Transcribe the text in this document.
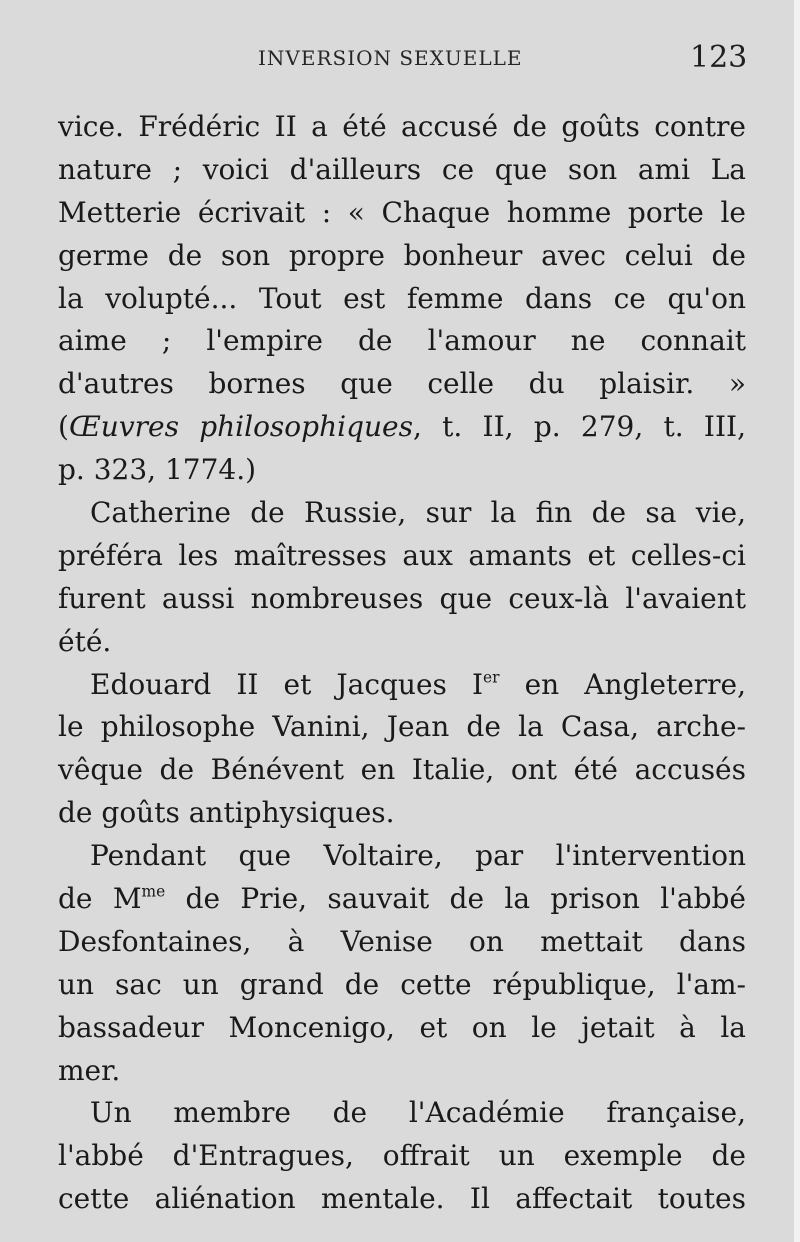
INVERSION SEXUELLE	123
vice. Frédéric II a été accusé de goûts contre
nature ; voici d'ailleurs ce que son ami La
Metterie écrivait : « Chaque homme porte le
germe de son propre bonheur avec celui de
la volupté... Tout est femme dans ce qu'on
aime ; l'empire de l'amour ne connait
d'autres bornes que celle du plaisir. »
(Œuvres philosophiques, t. II, p. 279, t. III,
p. 323, 1774.)
Catherine de Russie, sur la fin de sa vie,
préféra les maîtresses aux amants et celles-ci
furent aussi nombreuses que ceux-là l'avaient
été.
Edouard II et Jacques Ier en Angleterre,
le philosophe Vanini, Jean de la Casa, arche-
vêque de Bénévent en Italie, ont été accusés
de goûts antiphysiques.
Pendant que Voltaire, par l'intervention
de $M^{me}$ de Prie, sauvait de la prison l'abbé
Desfontaines, à Venise on mettait dans
un sac un grand de cette république, l'am-
bassadeur Moncenigo, et on le jetait à la
mer.
Un membre de l'Académie française,
l'abbé d'Entragues, offrait un exemple de
cette aliénation mentale. Il affectait toutes
